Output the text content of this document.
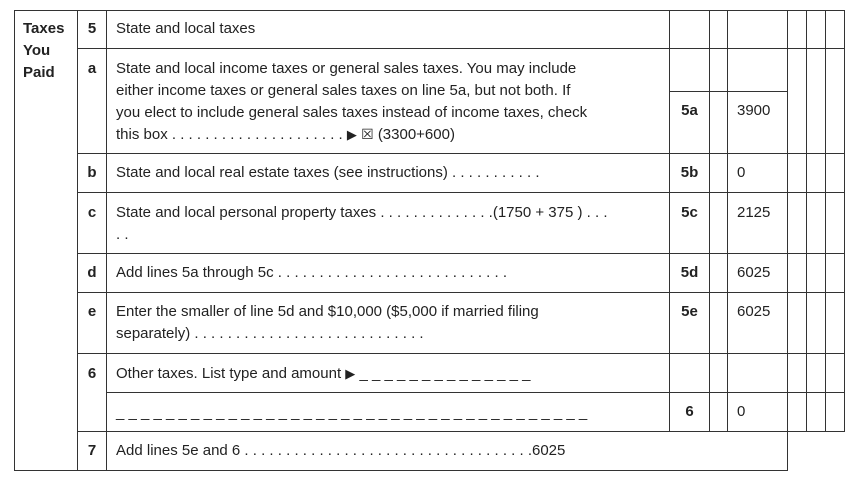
Taxes
You
Paid
5	State and local taxes
a	State and local income taxes or general sales taxes. You may include
either income taxes or general sales taxes on line 5a, but not both. If
you elect to include general sales taxes instead of income taxes, check
this box . . . . . . . . . . . . . . . . . . . . . ▶ ☒ (3300+600)
5a	3900
b	State and local real estate taxes (see instructions) . . . . . . . . . . .	5b	0
c	State and local personal property taxes . . . . . . . . . . . . . .(1750 + 375 ) . . .
. .
5c	2125
d	Add lines 5a through 5c . . . . . . . . . . . . . . . . . . . . . . . . . . . .	5d	6025
e	Enter the smaller of line 5d and $10,000 ($5,000 if married filing
separately) . . . . . . . . . . . . . . . . . . . . . . . . . . . .
5e	6025
6	Other taxes. List type and amount ▶ _ _ _ _ _ _ _ _ _ _ _ _ _ _
_ _ _ _ _ _ _ _ _ _ _ _ _ _ _ _ _ _ _ _ _ _ _ _ _ _ _ _ _ _ _ _ _ _ _ _ _ _	6	0
7	Add lines 5e and 6 . . . . . . . . . . . . . . . . . . . . . . . . . . . . . . . . . . .6025
